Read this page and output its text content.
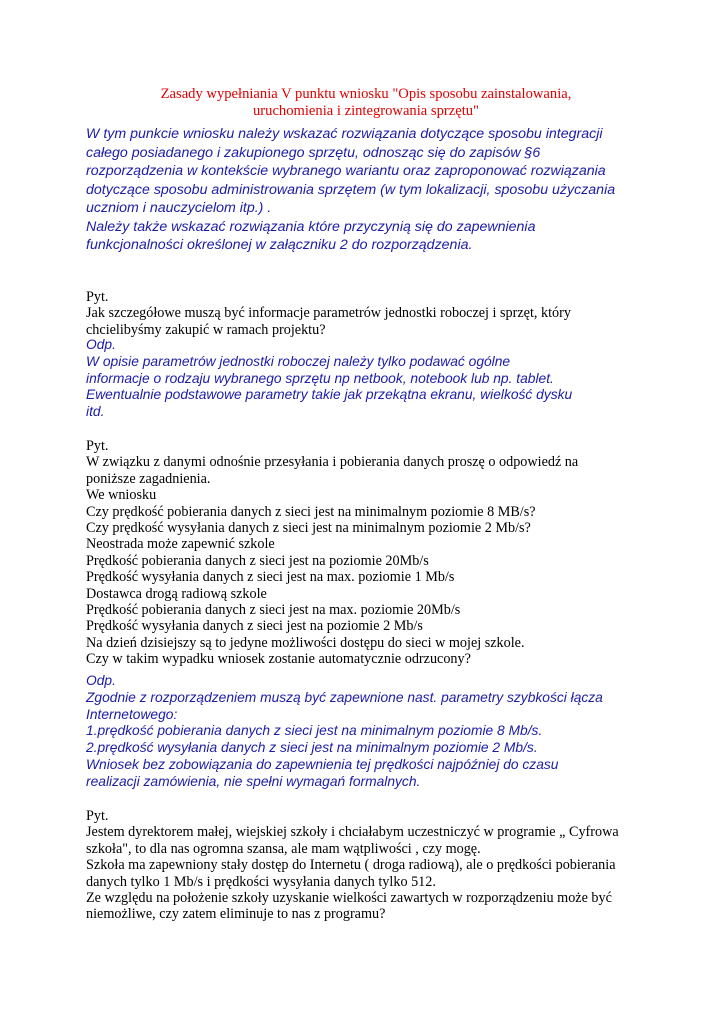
Zasady wypełniania V punktu wniosku "Opis sposobu zainstalowania,
uruchomienia i zintegrowania sprzętu"
W tym punkcie wniosku należy wskazać rozwiązania dotyczące sposobu integracji
całego posiadanego i zakupionego sprzętu, odnosząc się do zapisów §6
rozporządzenia w kontekście wybranego wariantu oraz zaproponować rozwiązania
dotyczące sposobu administrowania sprzętem (w tym lokalizacji, sposobu użyczania
uczniom i nauczycielom itp.) .
Należy także wskazać rozwiązania które przyczynią się do zapewnienia
funkcjonalności określonej w załączniku 2 do rozporządzenia.
Pyt.
Jak szczegółowe muszą być informacje parametrów jednostki roboczej i sprzęt, który
chcielibyśmy zakupić w ramach projektu?
Odp.
W opisie parametrów jednostki roboczej należy tylko podawać ogólne
informacje o rodzaju wybranego sprzętu np netbook, notebook lub np. tablet.
Ewentualnie podstawowe parametry takie jak przekątna ekranu, wielkość dysku
itd.
Pyt.
W związku z danymi odnośnie przesyłania i pobierania danych proszę o odpowiedź na
poniższe zagadnienia.
We wniosku
Czy prędkość pobierania danych z sieci jest na minimalnym poziomie 8 MB/s?
Czy prędkość wysyłania danych z sieci jest na minimalnym poziomie 2 Mb/s?
Neostrada może zapewnić szkole
Prędkość pobierania danych z sieci jest na poziomie 20Mb/s
Prędkość wysyłania danych z sieci jest na max. poziomie 1 Mb/s
Dostawca drogą radiową szkole
Prędkość pobierania danych z sieci jest na max. poziomie 20Mb/s
Prędkość wysyłania danych z sieci jest na poziomie 2 Mb/s
Na dzień dzisiejszy są to jedyne możliwości dostępu do sieci w mojej szkole.
Czy w takim wypadku wniosek zostanie automatycznie odrzucony?
Odp.
Zgodnie z rozporządzeniem muszą być zapewnione nast. parametry szybkości łącza
Internetowego:
1.prędkość pobierania danych z sieci jest na minimalnym poziomie 8 Mb/s.
2.prędkość wysyłania danych z sieci jest na minimalnym poziomie 2 Mb/s.
Wniosek bez zobowiązania do zapewnienia tej prędkości najpóźniej do czasu
realizacji zamówienia, nie spełni wymagań formalnych.
Pyt.
Jestem dyrektorem małej, wiejskiej szkoły i chciałabym uczestniczyć w programie „ Cyfrowa
szkoła", to dla nas ogromna szansa, ale mam wątpliwości , czy mogę.
Szkoła ma zapewniony stały dostęp do Internetu ( droga radiową), ale o prędkości pobierania
danych tylko 1 Mb/s i prędkości wysyłania danych tylko 512.
Ze względu na położenie szkoły uzyskanie wielkości zawartych w rozporządzeniu może być
niemożliwe, czy zatem eliminuje to nas z programu?
